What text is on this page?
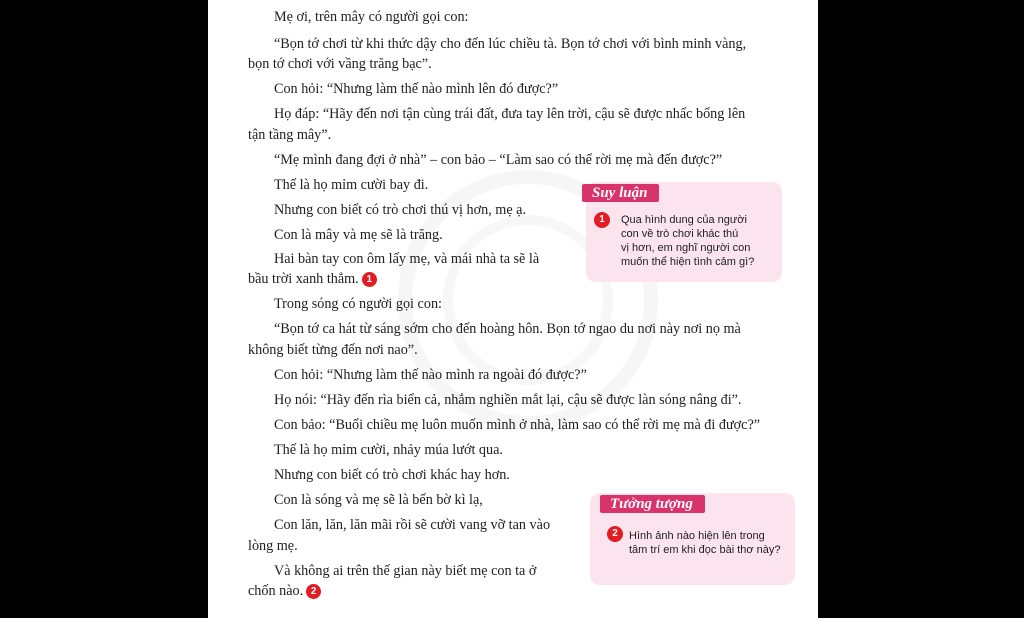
Mẹ ơi, trên mây có người gọi con:

“Bọn tớ chơi từ khi thức dậy cho đến lúc chiều tà. Bọn tớ chơi với bình minh vàng,

bọn tớ chơi với vầng trăng bạc”.

Con hỏi: “Nhưng làm thế nào mình lên đó được?”

Họ đáp: “Hãy đến nơi tận cùng trái đất, đưa tay lên trời, cậu sẽ được nhấc bổng lên

tận tầng mây”.

“Mẹ mình đang đợi ở nhà” – con bảo – “Làm sao có thể rời mẹ mà đến được?”

Thế là họ mỉm cười bay đi.

Nhưng con biết có trò chơi thú vị hơn, mẹ ạ.

Con là mây và mẹ sẽ là trăng.

Hai bàn tay con ôm lấy mẹ, và mái nhà ta sẽ là

bầu trời xanh thẳm. 1

Trong sóng có người gọi con:

“Bọn tớ ca hát từ sáng sớm cho đến hoàng hôn. Bọn tớ ngao du nơi này nơi nọ mà

không biết từng đến nơi nao”.

Con hỏi: “Nhưng làm thế nào mình ra ngoài đó được?”

Họ nói: “Hãy đến rìa biển cả, nhắm nghiền mắt lại, cậu sẽ được làn sóng nâng đi”.

Con bảo: “Buổi chiều mẹ luôn muốn mình ở nhà, làm sao có thể rời mẹ mà đi được?”

Thế là họ mỉm cười, nhảy múa lướt qua.

Nhưng con biết có trò chơi khác hay hơn.

Con là sóng và mẹ sẽ là bến bờ kì lạ,

Con lăn, lăn, lăn mãi rồi sẽ cười vang vỡ tan vào

lòng mẹ.

Và không ai trên thế gian này biết mẹ con ta ở

chốn nào. 2

Suy luận
1	Qua hình dung của người
con về trò chơi khác thú
vị hơn, em nghĩ người con
muốn thể hiện tình cảm gì?
Tưởng tượng
2	Hình ảnh nào hiện lên trong
tâm trí em khi đọc bài thơ này?
